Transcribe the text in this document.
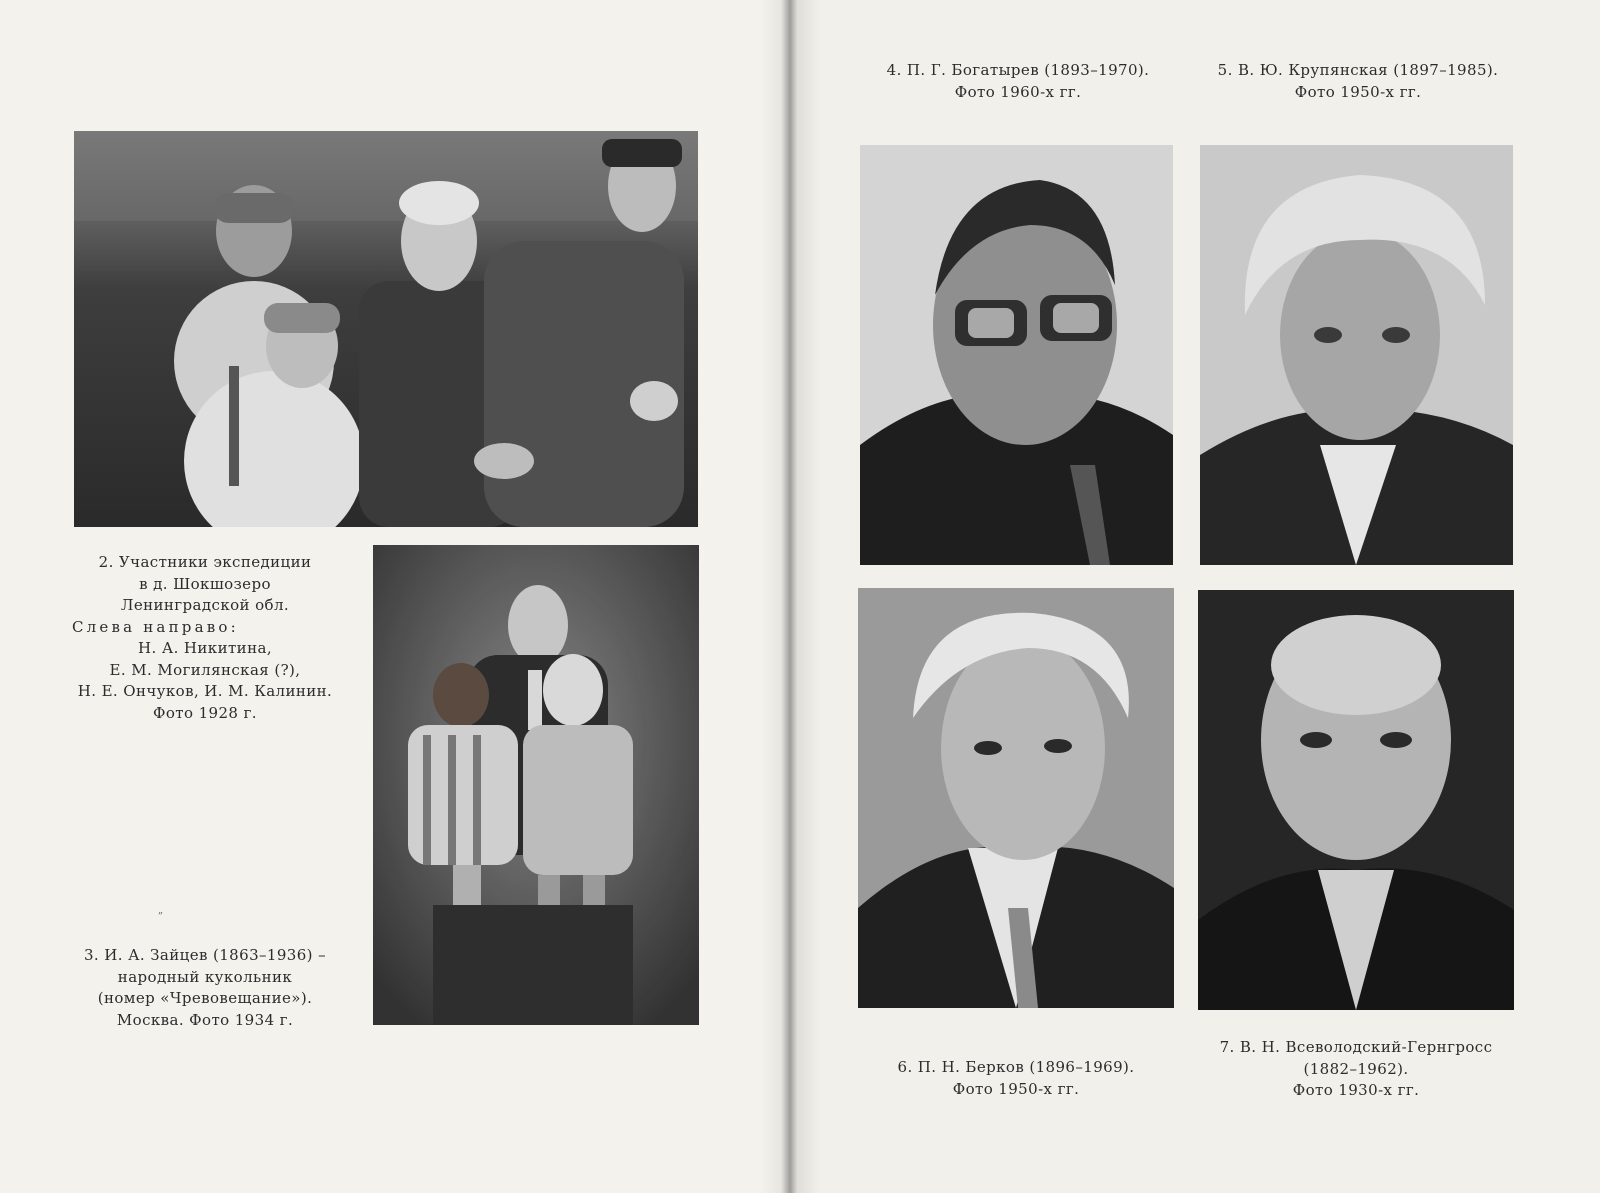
2. Участники экспедиции
в д. Шокшозеро
Ленинградской обл.
Слева направо:
Н. А. Никитина,
Е. М. Могилянская (?),
Н. Е. Ончуков, И. М. Калинин.
Фото 1928 г.
„
3. И. А. Зайцев (1863–1936) –
народный кукольник
(номер «Чревовещание»).
Москва. Фото 1934 г.
4. П. Г. Богатырев (1893–1970).
Фото 1960-х гг.
5. В. Ю. Крупянская (1897–1985).
Фото 1950-х гг.
6. П. Н. Берков (1896–1969).
Фото 1950-х гг.
7. В. Н. Всеволодский-Гернгросс
(1882–1962).
Фото 1930-х гг.
